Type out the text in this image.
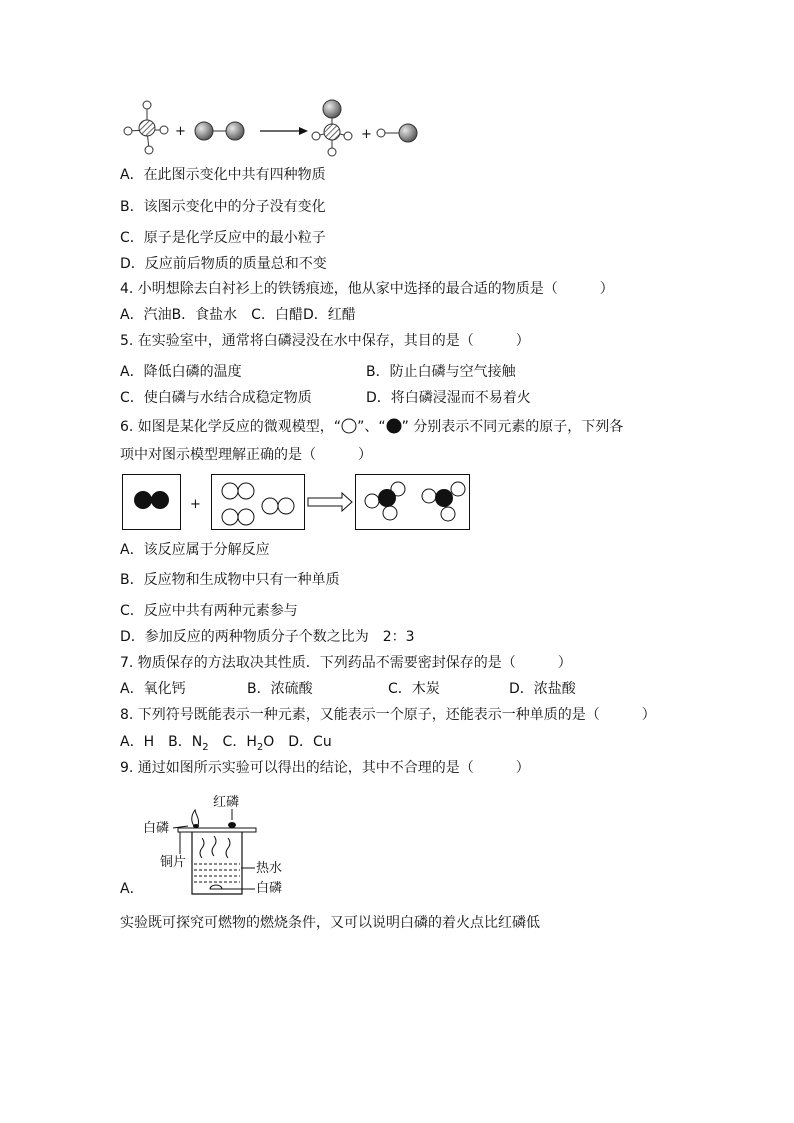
+	+
A．在此图示变化中共有四种物质
B．该图示变化中的分子没有变化
C．原子是化学反应中的最小粒子
D．反应前后物质的质量总和不变
4. 小明想除去白衬衫上的铁锈痕迹，他从家中选择的最合适的物质是（　　　）
A．汽油B．食盐水　C．白醋D．红醋
5. 在实验室中，通常将白磷浸没在水中保存，其目的是（　　　）
A．降低白磷的温度	B．防止白磷与空气接触
C．使白磷与水结合成稳定物质	D．将白磷浸湿而不易着火
6. 如图是某化学反应的微观模型，“ ”、“ ” 分别表示不同元素的原子，下列各
项中对图示模型理解正确的是（　　　）
+
A．该反应属于分解反应
B．反应物和生成物中只有一种单质
C．反应中共有两种元素参与
D．参加反应的两种物质分子个数之比为　2：3
7. 物质保存的方法取决其性质．下列药品不需要密封保存的是（　　　）
A．氧化钙	B．浓硫酸	C．木炭	D．浓盐酸
8. 下列符号既能表示一种元素，又能表示一个原子，还能表示一种单质的是（　　　）
A．H　B．$N_2$　C．$H_2O$　D．Cu
9. 通过如图所示实验可以得出的结论，其中不合理的是（　　　）
红磷
白磷
铜片	热水
白磷
A．
实验既可探究可燃物的燃烧条件，又可以说明白磷的着火点比红磷低
